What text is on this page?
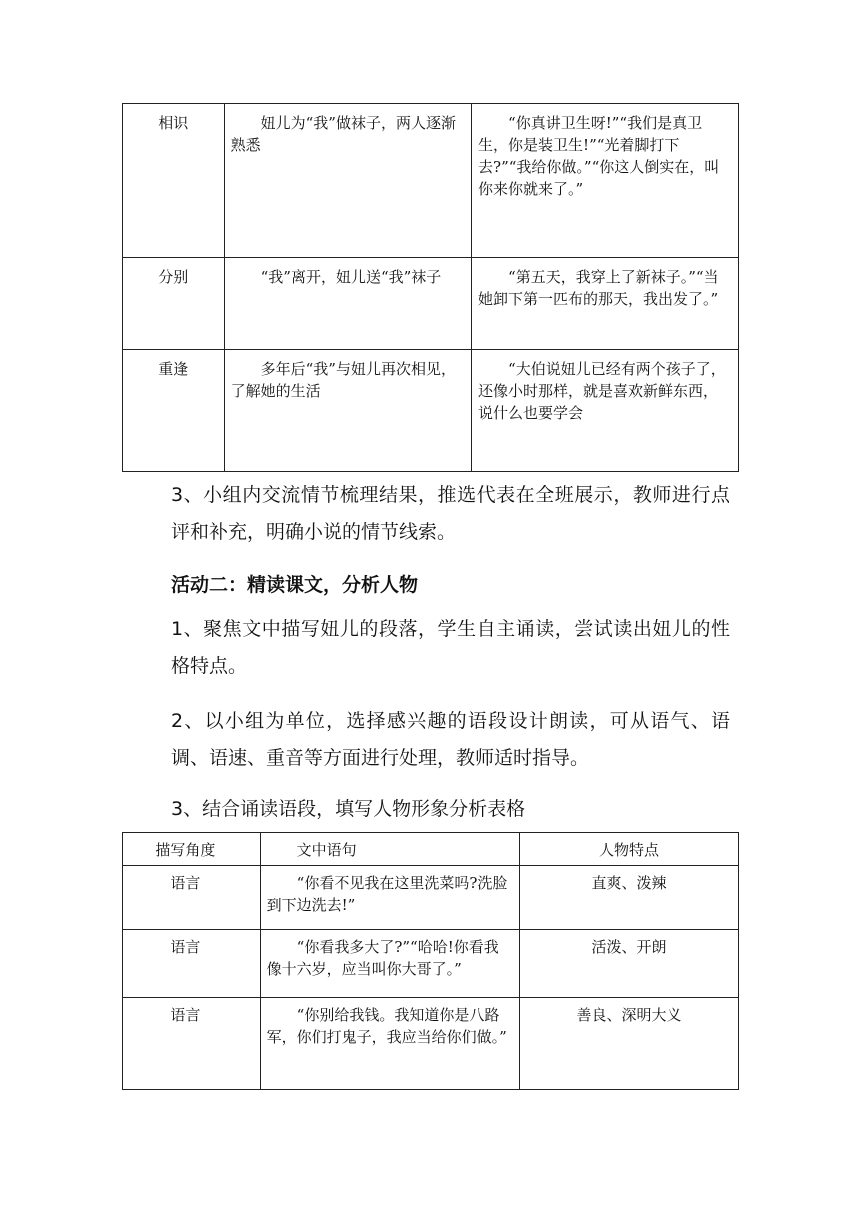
相识	妞儿为“我”做袜子，两人逐渐熟悉	“你真讲卫生呀!”“我们是真卫生，你是装卫生!”“光着脚打下去?”“我给你做。”“你这人倒实在，叫你来你就来了。”

分别	“我”离开，妞儿送“我”袜子	“第五天，我穿上了新袜子。”“当她卸下第一匹布的那天，我出发了。”

重逢	多年后“我”与妞儿再次相见，了解她的生活	“大伯说妞儿已经有两个孩子了，还像小时那样，就是喜欢新鲜东西，说什么也要学会

3、小组内交流情节梳理结果，推选代表在全班展示，教师进行点评和补充，明确小说的情节线索。
活动二：精读课文，分析人物
1、聚焦文中描写妞儿的段落，学生自主诵读，尝试读出妞儿的性格特点。
2、以小组为单位，选择感兴趣的语段设计朗读，可从语气、语调、语速、重音等方面进行处理，教师适时指导。
3、结合诵读语段，填写人物形象分析表格
描写角度	文中语句	人物特点
语言	“你看不见我在这里洗菜吗?洗脸到下边洗去!”	直爽、泼辣
语言	“你看我多大了?”“哈哈!你看我像十六岁，应当叫你大哥了。”	活泼、开朗
语言	“你别给我钱。我知道你是八路军，你们打鬼子，我应当给你们做。”	善良、深明大义
